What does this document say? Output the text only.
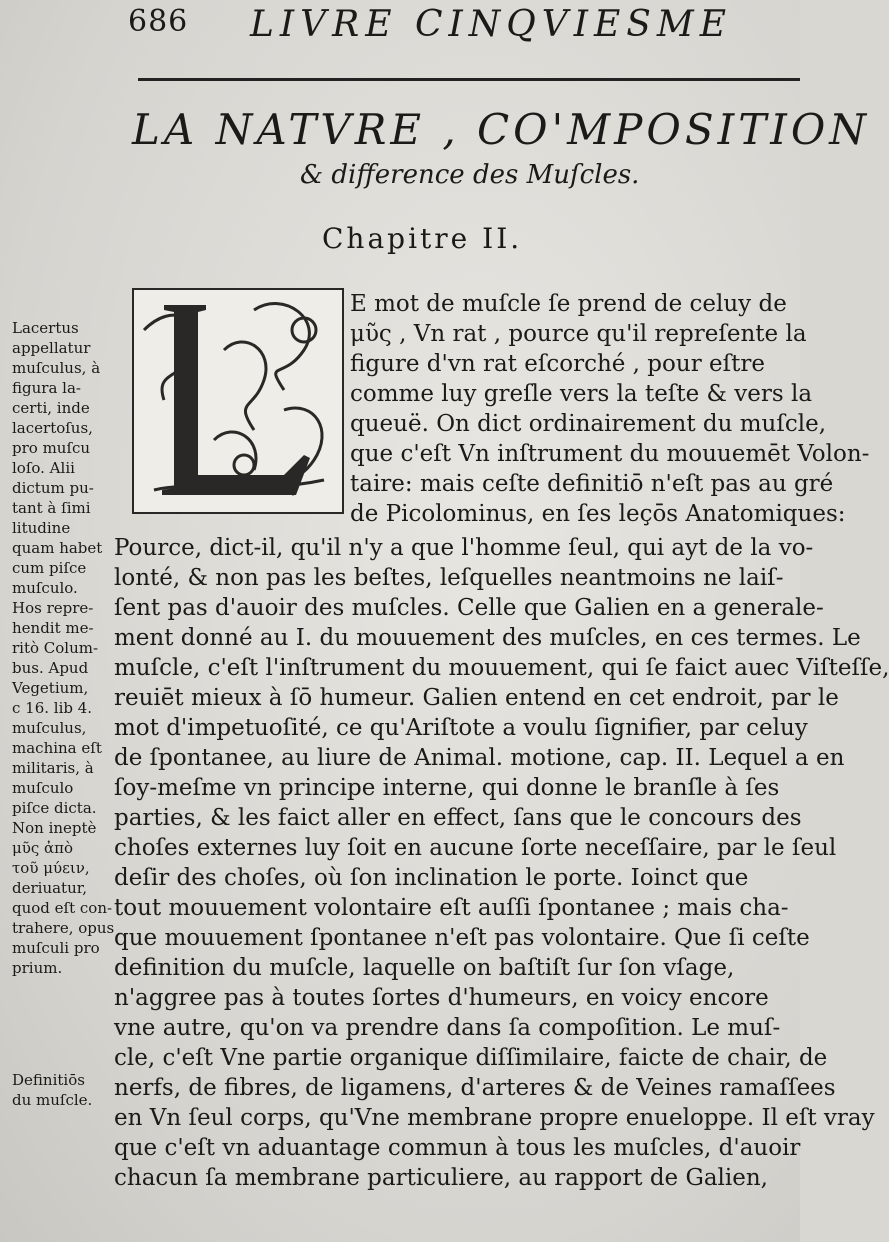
686 LIVRE CINQVIESME
LA NATVRE , CO'MPOSITION
& difference des Muſcles.
Chapitre II.
E mot de muſcle ſe prend de celuy de
μῦς , Vn rat , pource qu'il repreſente la
figure d'vn rat eſcorché , pour eſtre
comme luy greſle vers la teſte & vers la
queuë. On dict ordinairement du muſcle,
que c'eſt Vn inſtrument du mouuemēt Volon-
taire: mais ceſte definitiō n'eſt pas au gré
de Picolominus, en ſes leçōs Anatomiques:
Pource, dict-il, qu'il n'y a que l'homme ſeul, qui ayt de la vo-
lonté, & non pas les beſtes, leſquelles neantmoins ne laiſ-
ſent pas d'auoir des muſcles. Celle que Galien en a generale-
ment donné au I. du mouuement des muſcles, en ces termes. Le
muſcle, c'eſt l'inſtrument du mouuement, qui ſe faict auec Viſteſſe,
reuiēt mieux à ſō humeur. Galien entend en cet endroit, par le
mot d'impetuoſité, ce qu'Ariſtote a voulu ſignifier, par celuy
de ſpontanee, au liure de Animal. motione, cap. II. Lequel a en
ſoy-meſme vn principe interne, qui donne le branſle à ſes
parties, & les faict aller en effect, ſans que le concours des
choſes externes luy ſoit en aucune ſorte neceſſaire, par le ſeul
deſir des choſes, où ſon inclination le porte. Ioinct que
tout mouuement volontaire eſt auſſi ſpontanee ; mais cha-
que mouuement ſpontanee n'eſt pas volontaire. Que ſi ceſte
definition du muſcle, laquelle on baſtiſt ſur ſon vſage,
n'aggree pas à toutes ſortes d'humeurs, en voicy encore
vne autre, qu'on va prendre dans ſa compoſition. Le muſ-
cle, c'eſt Vne partie organique diſſimilaire, faicte de chair, de
nerfs, de fibres, de ligamens, d'arteres & de Veines ramaſſees
en Vn ſeul corps, qu'Vne membrane propre enueloppe. Il eſt vray
que c'eſt vn aduantage commun à tous les muſcles, d'auoir
chacun ſa membrane particuliere, au rapport de Galien,
Lacertus
appellatur
muſculus, à
figura la-
certi, inde
lacertoſus,
pro muſcu
loſo. Alii
dictum pu-
tant à ſimi
litudine
quam habet
cum piſce
muſculo.
Hos repre-
hendit me-
ritò Colum-
bus. Apud
Vegetium,
c 16. lib 4.
muſculus,
machina eſt
militaris, à
muſculo
piſce dicta.
Non ineptè
μῦς ἀπὸ
τοῦ μύειν,
deriuatur,
quod eſt con-
trahere, opus
muſculi pro
prium.
Definitiōs
du muſcle.
